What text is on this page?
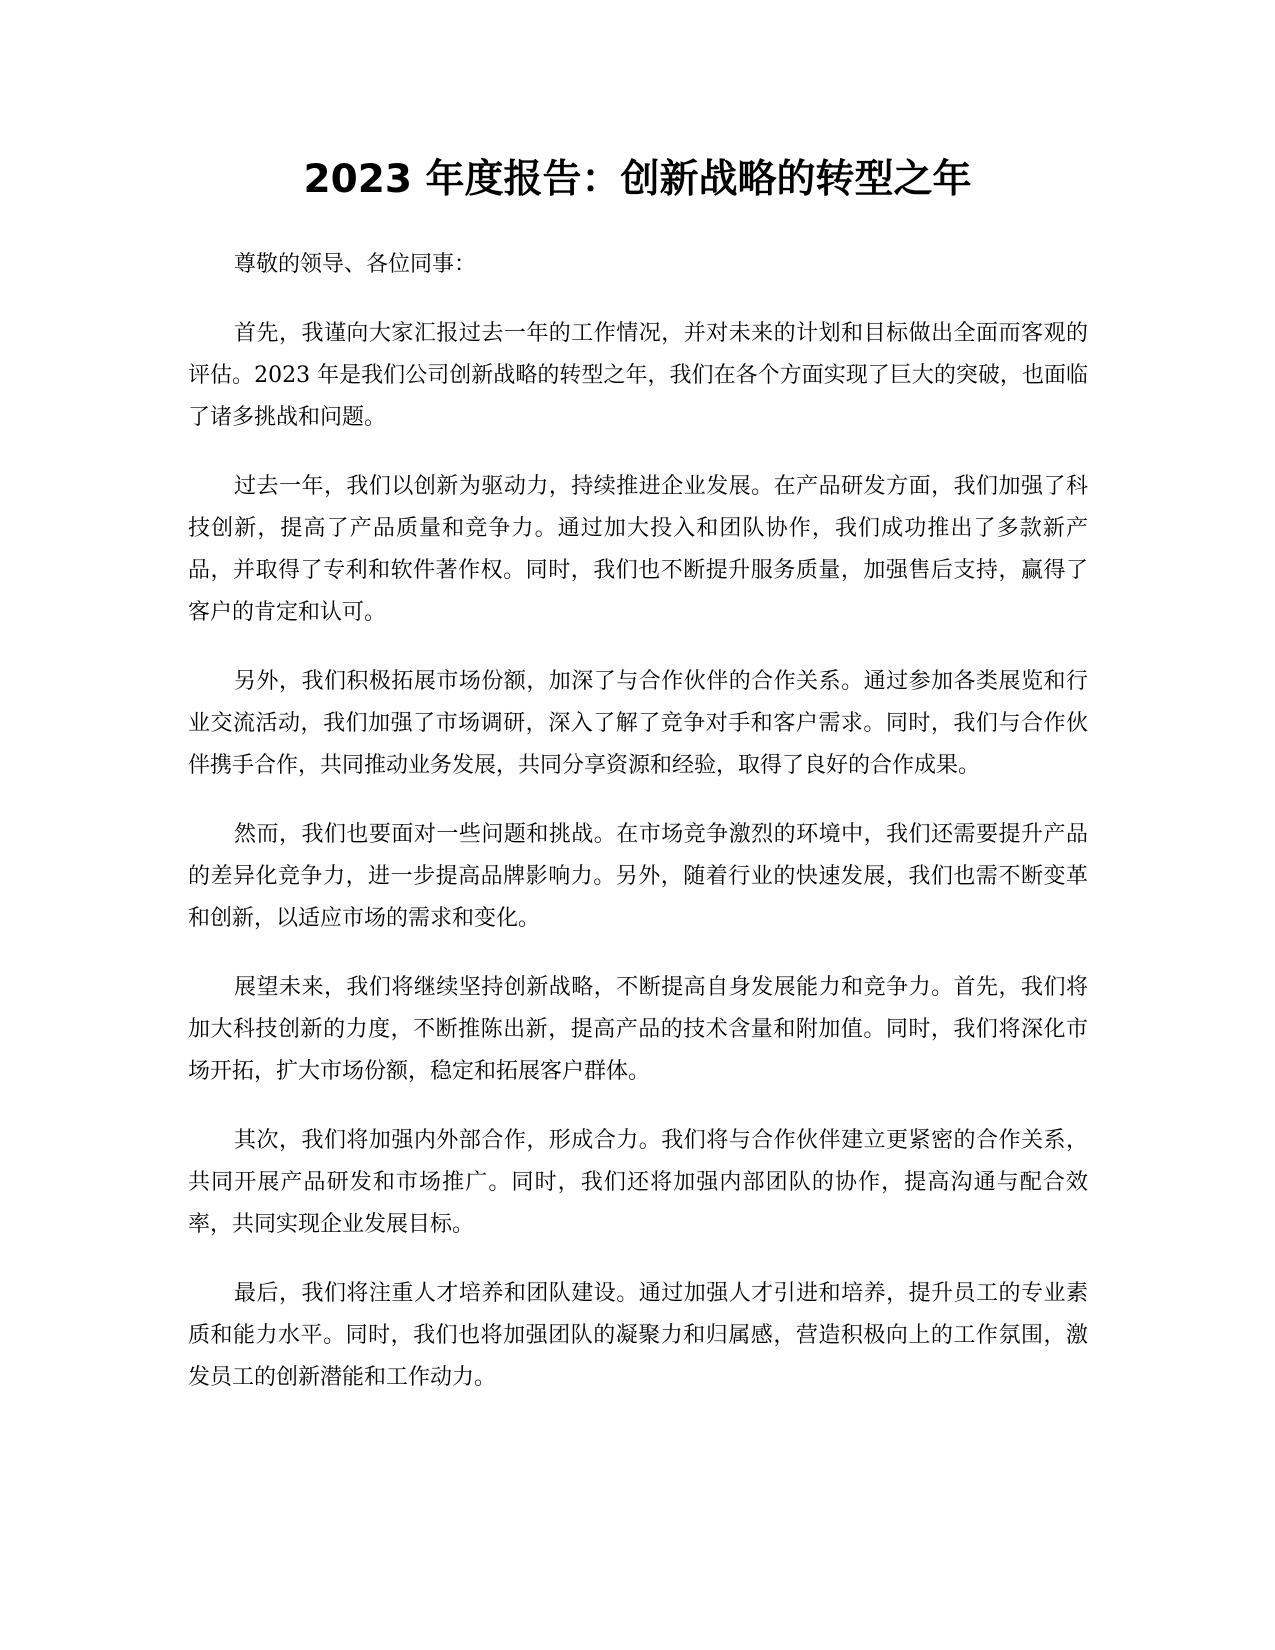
2023 年度报告：创新战略的转型之年

尊敬的领导、各位同事：

首先，我谨向大家汇报过去一年的工作情况，并对未来的计划和目标做出全面而客观的评估。2023 年是我们公司创新战略的转型之年，我们在各个方面实现了巨大的突破，也面临了诸多挑战和问题。

过去一年，我们以创新为驱动力，持续推进企业发展。在产品研发方面，我们加强了科技创新，提高了产品质量和竞争力。通过加大投入和团队协作，我们成功推出了多款新产品，并取得了专利和软件著作权。同时，我们也不断提升服务质量，加强售后支持，赢得了客户的肯定和认可。

另外，我们积极拓展市场份额，加深了与合作伙伴的合作关系。通过参加各类展览和行业交流活动，我们加强了市场调研，深入了解了竞争对手和客户需求。同时，我们与合作伙伴携手合作，共同推动业务发展，共同分享资源和经验，取得了良好的合作成果。

然而，我们也要面对一些问题和挑战。在市场竞争激烈的环境中，我们还需要提升产品的差异化竞争力，进一步提高品牌影响力。另外，随着行业的快速发展，我们也需不断变革和创新，以适应市场的需求和变化。

展望未来，我们将继续坚持创新战略，不断提高自身发展能力和竞争力。首先，我们将加大科技创新的力度，不断推陈出新，提高产品的技术含量和附加值。同时，我们将深化市场开拓，扩大市场份额，稳定和拓展客户群体。

其次，我们将加强内外部合作，形成合力。我们将与合作伙伴建立更紧密的合作关系，共同开展产品研发和市场推广。同时，我们还将加强内部团队的协作，提高沟通与配合效率，共同实现企业发展目标。

最后，我们将注重人才培养和团队建设。通过加强人才引进和培养，提升员工的专业素质和能力水平。同时，我们也将加强团队的凝聚力和归属感，营造积极向上的工作氛围，激发员工的创新潜能和工作动力。
